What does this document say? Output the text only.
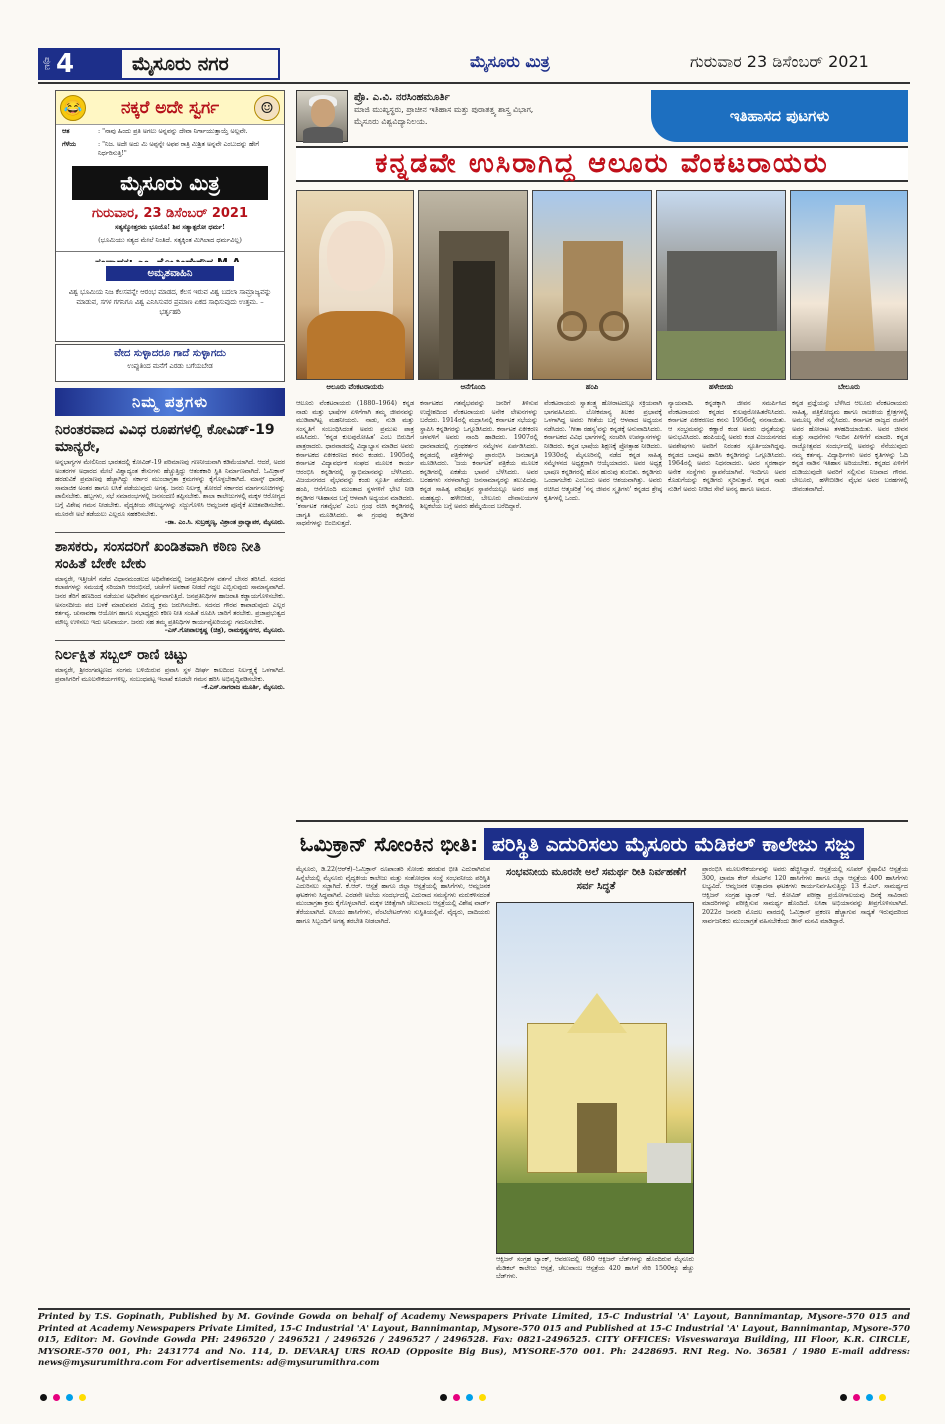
ಪುಟ 4	ಮೈಸೂರು ನಗರ	ಮೈಸೂರು ಮಿತ್ರ	ಗುರುವಾರ 23 ಡಿಸೆಂಬರ್ 2021
😂 ನಕ್ಕರೆ ಅದೇ ಸ್ವರ್ಗ	☺
ಆತ	: "ನಾವು ಹಿಂದು ಪ್ರತಿ ಅಗಲು ಅನ್ನವನ್ನು ದೇವಾ ನಿರ್ಗಾಯುತ್ತಾಯ್ತೆ ಅಲ್ಲವೇ.
ಗೆಳೆಯ	: "ನಿಜ. ಅದೇ ಅದು ಮಿ ಅಪ್ಪನ್ನೇ ಅಫಪ ರಾತ್ರಿ ಮಿಶ್ರಿತ ಅನ್ನವೇ ಎಂಬುದನ್ನು ಹೇಗೆ ನಿರ್ಧರಿಸುತ್ತಿ!"
ಮೈಸೂರು ಮಿತ್ರ
ಗುರುವಾರ, 23 ಡಿಸೆಂಬರ್ 2021
ಸತ್ಯಸ್ಮೋತ್ತರಮ ಭೂಯೊ! ಶಿವ ಸತ್ಯಾತ್ಪರೋ ಧರ್ಮ!
(ಭೂಮಿಯು ಸತ್ಯದ ಮೇಲೆ ನಿಂತಿದೆ. ಸತ್ಯಕ್ಕಿಂತ ಮಿಗಿಲಾದ ಧರ್ಮವಿಲ್ಲ)
ಅಮೃತವಾಹಿನಿ
ವಿಶ್ವ ಭೂಮಿಯ ನಿಜ ಕೆಲಸವನ್ನೇ ಆರಂಭ ಮಾಡದ, ಕೆಲಸ ಇರುವ ವಿಶ್ವ ಬದಲಾ ಸಾಮ್ರಾಜ್ಯವನ್ನು ಮಾಡುವ, ಸಗಳ ಗಗನಿಗೂ ವಿಶ್ವ ಎನಿಸಿಸುವರ ಪ್ರಮಾಣ ಏಕದ ಸಾಧಿಸುವುದು ಉತ್ತಮ. –ಭರ್ತೃಹರಿ
ವೇದ ಸುಳ್ಳಾದರೂ ಗಾದೆ ಸುಳ್ಳಾಗದು
ಉಪ್ಪುತಿಂದ ಮನೆಗೆ ಎರಡು ಬಗೆಯಬೇಡ
ನಿಮ್ಮ ಪತ್ರಗಳು
ನಿರಂತರವಾದ ವಿವಿಧ ರೂಪಗಳಲ್ಲಿ ಕೋವಿಡ್-19 ಮಾನ್ಯರೇ,
ಅನ್ನಭಾಗ್ಯಗಳ ಮೇಲಿನಿಂದ ಭಾರತದಲ್ಲಿ ಕೋವಿಡ್-19 ಪರಿಮಾಣವು ಗಣನೀಯವಾಗಿ ಕಡಿಮೆಯಾಗಿದೆ. ಆದರೆ, ಅದರ ಅಂತರಗಳ ಅಧಾರದ ಮೇಲೆ ವಿಶ್ವಾದ್ಯಂತ ಕೇಸುಗಳು ಹೆಚ್ಚುತ್ತಿದ್ದು ಆತಂಕಕಾರಿ ಸ್ಥಿತಿ ನಿರ್ಮಾಣವಾಗಿದೆ. ಓಮಿಕ್ರಾನ್ ಹರಡುವಿಕೆ ಪ್ರಮಾಣವು ಹೆಚ್ಚಾಗಿದ್ದು ಸರ್ಕಾರ ಮುಂಜಾಗ್ರತಾ ಕ್ರಮಗಳನ್ನು ಕೈಗೊಳ್ಳಬೇಕಾಗಿದೆ. ಮಾಸ್ಕ್ ಧಾರಣೆ, ಸಾಮಾಜಿಕ ಅಂತರ ಹಾಗೂ ಲಸಿಕೆ ಪಡೆಯುವುದು ಅಗತ್ಯ. ಜನರು ನಿರ್ಲಕ್ಷ್ಯ ತೋರದೆ ಸರ್ಕಾರದ ಮಾರ್ಗಸೂಚಿಗಳನ್ನು ಪಾಲಿಸಬೇಕು. ಹಬ್ಬಗಳು, ಸಭೆ ಸಮಾರಂಭಗಳಲ್ಲಿ ಜನಸಂದಣಿ ತಪ್ಪಿಸಬೇಕು. ಶಾಲಾ ಕಾಲೇಜುಗಳಲ್ಲಿ ಮಕ್ಕಳ ಆರೋಗ್ಯದ ಬಗ್ಗೆ ವಿಶೇಷ ಗಮನ ನೀಡಬೇಕು. ವೈದ್ಯಕೀಯ ಸೌಲಭ್ಯಗಳನ್ನು ಸಜ್ಜುಗೊಳಿಸಿ ಆಮ್ಲಜನಕ ಪೂರೈಕೆ ಖಚಿತಪಡಿಸಬೇಕು. ಮೂರನೇ ಅಲೆ ತಡೆಯಲು ಎಲ್ಲರೂ ಸಹಕರಿಸಬೇಕು.
–ಡಾ. ಎಂ.ಸಿ. ಸುಬ್ರಹ್ಮಣ್ಯ, ವಿಶ್ರಾಂತ ಪ್ರಾಧ್ಯಾಪಕ, ಮೈಸೂರು.
ಶಾಸಕರು, ಸಂಸದರಿಗೆ ಖಂಡಿತವಾಗಿ ಕಠಿಣ ನೀತಿ ಸಂಹಿತೆ ಬೇಕೇ ಬೇಕು
ಮಾನ್ಯರೇ, ಇತ್ತೀಚೆಗೆ ನಡೆದ ವಿಧಾನಮಂಡಲದ ಅಧಿವೇಶನದಲ್ಲಿ ಜನಪ್ರತಿನಿಧಿಗಳ ವರ್ತನೆ ಬೇಸರ ತರಿಸಿದೆ. ಸದನದ ಕಲಾಪಗಳನ್ನು ಸಮಯಕ್ಕೆ ಸರಿಯಾಗಿ ಆರಂಭಿಸದೆ, ಚರ್ಚೆಗೆ ಅವಕಾಶ ನೀಡದೆ ಗದ್ದಲ ಎಬ್ಬಿಸುವುದು ಸಾಮಾನ್ಯವಾಗಿದೆ. ಜನರ ತೆರಿಗೆ ಹಣದಿಂದ ನಡೆಯುವ ಅಧಿವೇಶನ ವ್ಯರ್ಥವಾಗುತ್ತಿದೆ. ಜನಪ್ರತಿನಿಧಿಗಳ ಹಾಜರಾತಿ ಕಡ್ಡಾಯಗೊಳಿಸಬೇಕು. ಅಸಂಸದೀಯ ಪದ ಬಳಕೆ ಮಾಡುವವರ ವಿರುದ್ಧ ಕ್ರಮ ಜರುಗಿಸಬೇಕು. ಸದನದ ಗೌರವ ಕಾಪಾಡುವುದು ಎಲ್ಲರ ಕರ್ತವ್ಯ. ಚುನಾವಣಾ ಆಯೋಗ ಹಾಗೂ ಸಭಾಧ್ಯಕ್ಷರು ಕಠಿಣ ನೀತಿ ಸಂಹಿತೆ ರೂಪಿಸಿ ಜಾರಿಗೆ ತರಬೇಕು. ಪ್ರಜಾಪ್ರಭುತ್ವದ ಮೌಲ್ಯ ಉಳಿಸಲು ಇದು ಅನಿವಾರ್ಯ. ಜನರು ಸಹ ತಮ್ಮ ಪ್ರತಿನಿಧಿಗಳ ಕಾರ್ಯವೈಖರಿಯನ್ನು ಗಮನಿಸಬೇಕು.
–ಎಸ್.ಗೋಪಾಲಕೃಷ್ಣ (ಚಿತ್ರ), ರಾಮಕೃಷ್ಣನಗರ, ಮೈಸೂರು.
ನಿರ್ಲಕ್ಷಿತ ಸಬ್ಬಲ್ ರಾಣಿ ಚಿಟ್ಟು
ಮಾನ್ಯರೇ, ಶ್ರೀರಂಗಪಟ್ಟಣದ ಸಂಗಮ ಬಳಿಯಿರುವ ಪ್ರವಾಸಿ ಸ್ಥಳ ದೀರ್ಘ ಕಾಲದಿಂದ ನಿರ್ಲಕ್ಷ್ಯಕ್ಕೆ ಒಳಗಾಗಿದೆ. ಪ್ರವಾಸಿಗರಿಗೆ ಮೂಲಸೌಕರ್ಯಗಳಿಲ್ಲ. ಸಂಬಂಧಪಟ್ಟ ಇಲಾಖೆ ಕೂಡಲೇ ಗಮನ ಹರಿಸಿ ಅಭಿವೃದ್ಧಿಪಡಿಸಬೇಕು.
–ಕೆ.ಎಸ್.ನಾಗರಾಜ ಮೂರ್ತಿ, ಮೈಸೂರು.
ಪ್ರೊ. ಎ.ವಿ. ನರಸಿಂಹಮೂರ್ತಿ
ಮಾಜಿ ಮುಖ್ಯಸ್ಥರು, ಪ್ರಾಚೀನ ಇತಿಹಾಸ ಮತ್ತು ಪುರಾತತ್ತ್ವ ಶಾಸ್ತ್ರ ವಿಭಾಗ,
ಮೈಸೂರು ವಿಶ್ವವಿದ್ಯಾನಿಲಯ.	ಇತಿಹಾಸದ ಪುಟಗಳು
ಕನ್ನಡವೇ ಉಸಿರಾಗಿದ್ದ ಆಲೂರು ವೆಂಕಟರಾಯರು
ಆಲೂರು ವೆಂಕಟರಾಯರು	ಆನೆಗೊಂದಿ	ಹಂಪಿ	ಹಳೇಬೀಡು	ಬೇಲೂರು
ಆಲೂರು ವೆಂಕಟರಾಯರು (1880–1964) ಕನ್ನಡ ನಾಡು ಮತ್ತು ಭಾಷೆಗಳ ಏಳಿಗೆಗಾಗಿ ತಮ್ಮ ಜೀವನವನ್ನು ಮುಡಿಪಾಗಿಟ್ಟ ಮಹನೀಯರು. ನಾಡು, ನುಡಿ ಮತ್ತು ಸಂಸ್ಕೃತಿಗೆ ಸಂಬಂಧಿಸಿದಂತೆ ಅವರು ಪ್ರಮುಖ ಪಾತ್ರ ವಹಿಸಿದರು. 'ಕನ್ನಡ ಕುಲಪುರೋಹಿತ' ಎಂಬ ಬಿರುದಿಗೆ ಪಾತ್ರರಾದರು. ಧಾರವಾಡದಲ್ಲಿ ವಿದ್ಯಾಭ್ಯಾಸ ಮಾಡಿದ ಅವರು ಕರ್ನಾಟಕದ ಏಕೀಕರಣದ ಕನಸು ಕಂಡರು. 1905ರಲ್ಲಿ ಕರ್ನಾಟಕ ವಿದ್ಯಾವರ್ಧಕ ಸಂಘದ ಮೂಲಕ ಕಾರ್ಯ ಆರಂಭಿಸಿ ಕನ್ನಡಿಗರಲ್ಲಿ ಸ್ವಾಭಿಮಾನವನ್ನು ಬೆಳೆಸಿದರು. ವಿಜಯನಗರದ ವೈಭವವನ್ನು ಕಂಡು ಸ್ಫೂರ್ತಿ ಪಡೆದರು. ಹಂಪಿ, ಆನೆಗೊಂದಿ ಮುಂತಾದ ಸ್ಥಳಗಳಿಗೆ ಭೇಟಿ ನೀಡಿ ಕನ್ನಡಿಗರ ಇತಿಹಾಸದ ಬಗ್ಗೆ ಆಳವಾಗಿ ಅಧ್ಯಯನ ಮಾಡಿದರು. 'ಕರ್ನಾಟಕ ಗತವೈಭವ' ಎಂಬ ಗ್ರಂಥ ರಚಿಸಿ ಕನ್ನಡಿಗರಲ್ಲಿ ಜಾಗೃತಿ ಮೂಡಿಸಿದರು. ಈ ಗ್ರಂಥವು ಕನ್ನಡಿಗರ ಸಾಧನೆಗಳನ್ನು ಬಿಂಬಿಸುತ್ತದೆ.
ಕರ್ನಾಟಕದ ಗತವೈಭವವನ್ನು ಜನರಿಗೆ ತಿಳಿಸುವ ಉದ್ದೇಶದಿಂದ ವೆಂಕಟರಾಯರು ಅನೇಕ ಲೇಖನಗಳನ್ನು ಬರೆದರು. 1914ರಲ್ಲಿ ಮದ್ರಾಸಿನಲ್ಲಿ ಕರ್ನಾಟಕ ಸಭೆಯನ್ನು ಸ್ಥಾಪಿಸಿ ಕನ್ನಡಿಗರನ್ನು ಒಗ್ಗೂಡಿಸಿದರು. ಕರ್ನಾಟಕ ಏಕೀಕರಣ ಚಳವಳಿಗೆ ಅವರು ನಾಂದಿ ಹಾಡಿದರು. 1907ರಲ್ಲಿ ಧಾರವಾಡದಲ್ಲಿ ಗ್ರಂಥಕರ್ತರ ಸಮ್ಮೇಳನ ಏರ್ಪಡಿಸಿದರು. ಕನ್ನಡದಲ್ಲಿ ಪತ್ರಿಕೆಗಳನ್ನು ಪ್ರಾರಂಭಿಸಿ ಜನಜಾಗೃತಿ ಮೂಡಿಸಿದರು. 'ಜಯ ಕರ್ನಾಟಕ' ಪತ್ರಿಕೆಯ ಮೂಲಕ ಕನ್ನಡಿಗರಲ್ಲಿ ಏಕತೆಯ ಭಾವನೆ ಬೆಳೆಸಿದರು. ಅವರ ಬರಹಗಳು ಸರಳವಾಗಿದ್ದು ಜನಸಾಮಾನ್ಯರನ್ನು ತಲುಪಿದವು. ಕನ್ನಡ ಸಾಹಿತ್ಯ ಪರಿಷತ್ತಿನ ಸ್ಥಾಪನೆಯಲ್ಲೂ ಅವರ ಪಾತ್ರ ಮಹತ್ವದ್ದು. ಹಳೇಬೀಡು, ಬೇಲೂರು ದೇವಾಲಯಗಳ ಶಿಲ್ಪಕಲೆಯ ಬಗ್ಗೆ ಅವರು ಹೆಮ್ಮೆಯಿಂದ ಬರೆದಿದ್ದಾರೆ.
ವೆಂಕಟರಾಯರು ಸ್ವಾತಂತ್ರ್ಯ ಹೋರಾಟದಲ್ಲೂ ಸಕ್ರಿಯವಾಗಿ ಭಾಗವಹಿಸಿದರು. ಲೋಕಮಾನ್ಯ ತಿಲಕರ ಪ್ರಭಾವಕ್ಕೆ ಒಳಗಾಗಿದ್ದ ಅವರು ಗೀತೆಯ ಬಗ್ಗೆ ಆಳವಾದ ಅಧ್ಯಯನ ನಡೆಸಿದರು. 'ಗೀತಾ ರಹಸ್ಯ'ವನ್ನು ಕನ್ನಡಕ್ಕೆ ಅನುವಾದಿಸಿದರು. ಕರ್ನಾಟಕದ ವಿವಿಧ ಭಾಗಗಳಲ್ಲಿ ಸಂಚರಿಸಿ ಉಪನ್ಯಾಸಗಳನ್ನು ನೀಡಿದರು. ಕನ್ನಡ ಭಾಷೆಯ ಶಿಕ್ಷಣಕ್ಕೆ ಪ್ರೋತ್ಸಾಹ ನೀಡಿದರು. 1930ರಲ್ಲಿ ಮೈಸೂರಿನಲ್ಲಿ ನಡೆದ ಕನ್ನಡ ಸಾಹಿತ್ಯ ಸಮ್ಮೇಳನದ ಅಧ್ಯಕ್ಷರಾಗಿ ಆಯ್ಕೆಯಾದರು. ಅವರ ಅಧ್ಯಕ್ಷ ಭಾಷಣ ಕನ್ನಡಿಗರಲ್ಲಿ ಹೊಸ ಹುರುಪು ತುಂಬಿತು. ಕನ್ನಡಿಗರು ಒಂದಾಗಬೇಕು ಎಂಬುದು ಅವರ ಆಶಯವಾಗಿತ್ತು. ಅವರು ರಚಿಸಿದ ಆತ್ಮಚರಿತ್ರೆ 'ನನ್ನ ಜೀವನ ಸ್ಮೃತಿಗಳು' ಕನ್ನಡದ ಶ್ರೇಷ್ಠ ಕೃತಿಗಳಲ್ಲಿ ಒಂದು.
ನ್ಯಾಯವಾದಿ. ಕನ್ನಡಕ್ಕಾಗಿ ಜೀವನ ಸಮರ್ಪಿಸಿದ ವೆಂಕಟರಾಯರು ಕನ್ನಡದ ಕುಲಪುರೋಹಿತರೆನಿಸಿದರು. ಕರ್ನಾಟಕ ಏಕೀಕರಣದ ಕನಸು 1956ರಲ್ಲಿ ನನಸಾಯಿತು. ಆ ಸಂಭ್ರಮವನ್ನು ಕಣ್ಣಾರೆ ಕಂಡ ಅವರು ಧನ್ಯತೆಯನ್ನು ಅನುಭವಿಸಿದರು. ಹಂಪಿಯಲ್ಲಿ ಅವರು ಕಂಡ ವಿಜಯನಗರದ ಅವಶೇಷಗಳು ಅವರಿಗೆ ನಿರಂತರ ಸ್ಫೂರ್ತಿಯಾಗಿದ್ದವು. ಕನ್ನಡದ ಬಾವುಟ ಹಾರಿಸಿ ಕನ್ನಡಿಗರನ್ನು ಒಗ್ಗೂಡಿಸಿದರು. 1964ರಲ್ಲಿ ಅವರು ನಿಧನರಾದರು. ಅವರ ಸ್ಮರಣಾರ್ಥ ಅನೇಕ ಸಂಸ್ಥೆಗಳು ಸ್ಥಾಪನೆಯಾಗಿವೆ. ಇಂದಿಗೂ ಅವರ ಕೊಡುಗೆಯನ್ನು ಕನ್ನಡಿಗರು ಸ್ಮರಿಸುತ್ತಾರೆ. ಕನ್ನಡ ನಾಡು ನುಡಿಗೆ ಅವರು ನೀಡಿದ ಸೇವೆ ಅನನ್ಯ ಹಾಗೂ ಅಮರ.
ಕನ್ನಡ ಪ್ರಜ್ಞೆಯನ್ನು ಬೆಳೆಸಿದ ಆಲೂರು ವೆಂಕಟರಾಯರು ಸಾಹಿತ್ಯ, ಪತ್ರಿಕೋದ್ಯಮ ಹಾಗೂ ರಾಜಕೀಯ ಕ್ಷೇತ್ರಗಳಲ್ಲಿ ಅಮೂಲ್ಯ ಸೇವೆ ಸಲ್ಲಿಸಿದರು. ಕರ್ನಾಟಕ ರಾಜ್ಯದ ರಚನೆಗೆ ಅವರ ಹೋರಾಟ ತಳಹದಿಯಾಯಿತು. ಅವರ ಜೀವನ ಮತ್ತು ಸಾಧನೆಗಳು ಇಂದಿನ ಪೀಳಿಗೆಗೆ ಮಾದರಿ. ಕನ್ನಡ ರಾಜ್ಯೋತ್ಸವದ ಸಂದರ್ಭದಲ್ಲಿ ಅವರನ್ನು ನೆನೆಯುವುದು ನಮ್ಮ ಕರ್ತವ್ಯ. ವಿದ್ಯಾರ್ಥಿಗಳು ಅವರ ಕೃತಿಗಳನ್ನು ಓದಿ ಕನ್ನಡ ನಾಡಿನ ಇತಿಹಾಸ ಅರಿಯಬೇಕು. ಕನ್ನಡದ ಏಳಿಗೆಗೆ ದುಡಿಯುವುದೇ ಅವರಿಗೆ ಸಲ್ಲಿಸುವ ನಿಜವಾದ ಗೌರವ. ಬೇಲೂರು, ಹಳೇಬೀಡಿನ ವೈಭವ ಅವರ ಬರಹಗಳಲ್ಲಿ ಜೀವಂತವಾಗಿದೆ.
ಓಮಿಕ್ರಾನ್ ಸೋಂಕಿನ ಭೀತಿ: ಪರಿಸ್ಥಿತಿ ಎದುರಿಸಲು ಮೈಸೂರು ಮೆಡಿಕಲ್ ಕಾಲೇಜು ಸಜ್ಜು
ಮೈಸೂರು, ಡಿ.22(ಆರ್‌ಕೆ)–ಓಮಿಕ್ರಾನ್ ರೂಪಾಂತರಿ ಸೋಂಕು ಹರಡುವ ಭೀತಿ ಎದುರಾಗಿರುವ ಹಿನ್ನೆಲೆಯಲ್ಲಿ ಮೈಸೂರು ವೈದ್ಯಕೀಯ ಕಾಲೇಜು ಮತ್ತು ಸಂಶೋಧನಾ ಸಂಸ್ಥೆ ಸಂಭವನೀಯ ಪರಿಸ್ಥಿತಿ ಎದುರಿಸಲು ಸಜ್ಜಾಗಿದೆ. ಕೆ.ಆರ್. ಆಸ್ಪತ್ರೆ ಹಾಗೂ ಜಿಲ್ಲಾ ಆಸ್ಪತ್ರೆಯಲ್ಲಿ ಹಾಸಿಗೆಗಳು, ಆಮ್ಲಜನಕ ಘಟಕಗಳು ಸಿದ್ಧವಾಗಿವೆ. ಎರಡನೇ ಅಲೆಯ ಸಂದರ್ಭದಲ್ಲಿ ಎದುರಾದ ಸಮಸ್ಯೆಗಳು ಮರುಕಳಿಸದಂತೆ ಮುಂಜಾಗ್ರತಾ ಕ್ರಮ ಕೈಗೊಳ್ಳಲಾಗಿದೆ. ಮಕ್ಕಳ ಚಿಕಿತ್ಸೆಗಾಗಿ ಚೆಲುವಾಂಬ ಆಸ್ಪತ್ರೆಯಲ್ಲಿ ವಿಶೇಷ ವಾರ್ಡ್ ತೆರೆಯಲಾಗಿದೆ. ಐಸಿಯು ಹಾಸಿಗೆಗಳು, ವೆಂಟಿಲೇಟರ್‌ಗಳು ಸುಸ್ಥಿತಿಯಲ್ಲಿವೆ. ವೈದ್ಯರು, ದಾದಿಯರು ಹಾಗೂ ಸಿಬ್ಬಂದಿಗೆ ಅಗತ್ಯ ತರಬೇತಿ ನೀಡಲಾಗಿದೆ.
ಸಂಭವನೀಯ ಮೂರನೇ ಅಲೆ ಸಮರ್ಥ ರೀತಿ ನಿರ್ವಹಣೆಗೆ ಸರ್ವ ಸಿದ್ಧತೆ
ಆಕ್ಸಿಜನ್ ಸಂಗ್ರಹ ಟ್ಯಾಂಕ್, ಆವರಣದಲ್ಲಿ 680 ಆಕ್ಸಿಜನ್ ಬೆಡ್‌ಗಳನ್ನು ಹೊಂದಿರುವ ಮೈಸೂರು ಮೆಡಿಕಲ್ ಕಾಲೇಜು ಆಸ್ಪತ್ರೆ, ಚೆಲುವಾಂಬ ಆಸ್ಪತ್ರೆಯ 420 ಹಾಸಿಗೆ ಸೇರಿ 1500ಕ್ಕೂ ಹೆಚ್ಚು ಬೆಡ್‌ಗಳು.
ಪ್ರಾರಂಭಿಸಿ ಮೂಲಸೌಕರ್ಯವನ್ನು ಅವರು ಹೆಚ್ಚಿಸಿದ್ದಾರೆ. ಆಸ್ಪತ್ರೆಯಲ್ಲಿ ಸೂಪರ್ ಸ್ಪೆಷಾಲಿಟಿ ಆಸ್ಪತ್ರೆಯ 300, ಟ್ರಾಮಾ ಕೇರ್ ಸೆಂಟರ್‌ನ 120 ಹಾಸಿಗೆಗಳು ಹಾಗೂ ಜಿಲ್ಲಾ ಆಸ್ಪತ್ರೆಯ 400 ಹಾಸಿಗೆಗಳು ಲಭ್ಯವಿದೆ. ಆಮ್ಲಜನಕ ಉತ್ಪಾದನಾ ಘಟಕಗಳು ಕಾರ್ಯನಿರ್ವಹಿಸುತ್ತಿದ್ದು 13 ಕೆ.ಎಲ್. ಸಾಮರ್ಥ್ಯದ ಆಕ್ಸಿಜನ್ ಸಂಗ್ರಹ ಟ್ಯಾಂಕ್ ಇದೆ. ಕೋವಿಡ್ ಪರೀಕ್ಷಾ ಪ್ರಯೋಗಾಲಯವು ದಿನಕ್ಕೆ ಸಾವಿರಾರು ಮಾದರಿಗಳನ್ನು ಪರೀಕ್ಷಿಸುವ ಸಾಮರ್ಥ್ಯ ಹೊಂದಿದೆ. ಲಸಿಕಾ ಅಭಿಯಾನವನ್ನು ತೀವ್ರಗೊಳಿಸಲಾಗಿದೆ. 2022ರ ಜನವರಿ ಮೊದಲ ವಾರದಲ್ಲಿ ಓಮಿಕ್ರಾನ್ ಪ್ರಕರಣ ಹೆಚ್ಚಾಗುವ ಸಾಧ್ಯತೆ ಇರುವುದರಿಂದ ಸಾರ್ವಜನಿಕರು ಮುಂಜಾಗ್ರತೆ ವಹಿಸಬೇಕೆಂದು ಡೀನ್ ಮನವಿ ಮಾಡಿದ್ದಾರೆ.
Printed by T.S. Gopinath, Published by M. Govinde Gowda on behalf of Academy Newspapers Private Limited, 15-C Industrial 'A' Layout, Bannimantap, Mysore-570 015 and Printed at Academy Newspapers Private Limited, 15-C Industrial 'A' Layout, Bannimantap, Mysore-570 015 and Published at 15-C Industrial 'A' Layout, Bannimantap, Mysore-570 015, Editor: M. Govinde Gowda PH: 2496520 / 2496521 / 2496526 / 2496527 / 2496528. Fax: 0821-2496525. CITY OFFICES: Visveswaraya Building, III Floor, K.R. CIRCLE, MYSORE-570 001, Ph: 2431774 and No. 114, D. DEVARAJ URS ROAD (Opposite Big Bus), MYSORE-570 001. Ph: 2428695. RNI Reg. No. 36581 / 1980 E-mail address: news@mysurumithra.com For advertisements: ad@mysurumithra.com
